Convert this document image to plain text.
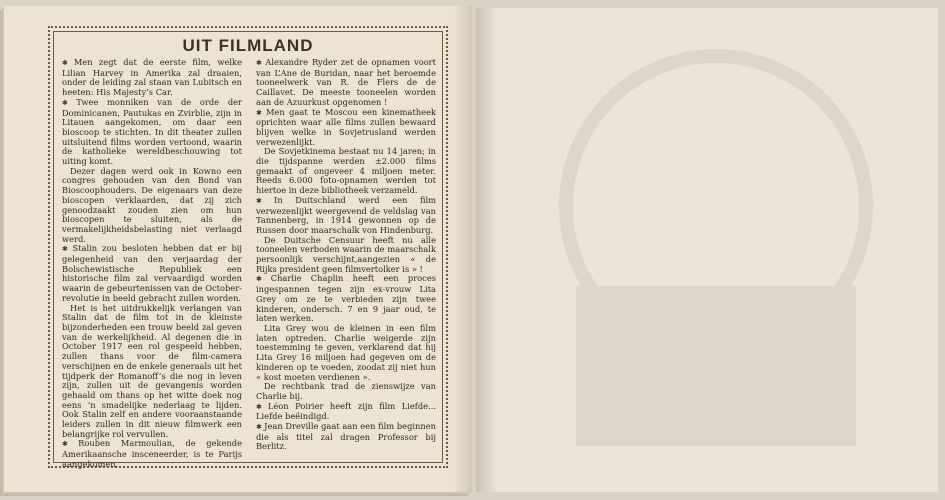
UIT FILMLAND

✱ Men zegt dat de eerste film, welke Lilian Harvey in Amerika zal draaien, onder de leiding zal staan van Lubitsch en heeten: His Majesty’s Car.

✱ Twee monniken van de orde der Dominicanen, Pautukas en Zvirblie, zijn in Litauen aangekomen, om daar een bioscoop te stichten. In dit theater zullen uitsluitend films worden vertoond, waarin de katholieke wereldbeschouwing tot uiting komt.

Dezer dagen werd ook in Kowno een congres gehouden van den Bond van Bioscoophouders. De eigenaars van deze bioscopen verklaarden, dat zij zich genoodzaakt zouden zien om hun bioscopen te sluiten, als de vermakelijkheidsbelasting niet verlaagd werd.

✱ Stalin zou besloten hebben dat er bij gelegenheid van den verjaardag der Bolschewistische Republiek een historische film zal vervaardigd worden waarin de gebeurtenissen van de October-revolutie in beeld gebracht zullen worden.

Het is het uitdrukkelijk verlangen van Stalin dat de film tot in de kleinste bijzonderheden een trouw beeld zal geven van de werkelijkheid. Al degenen die in October 1917 een rol gespeeld hebben, zullen thans voor de film-camera verschijnen en de enkele generaals uit het tijdperk der Romanoff’s die nog in leven zijn, zullen uit de gevangenis worden gehaald om thans op het witte doek nog eens ’n smadelijke nederlaag te lijden. Ook Stalin zelf en andere vooraanstaande leiders zullen in dit nieuw filmwerk een belangrijke rol vervullen.

✱ Rouben Marmoulian, de gekende Amerikaansche insceneerder, is te Parijs aangekomen.

✱ Alexandre Ryder zet de opnamen voort van L’Ane de Buridan, naar het beroemde tooneelwerk van R. de Flers de de Caillavet. De meeste tooneelen worden aan de Azuurkust opgenomen !

✱ Men gaat te Moscou een kinematheek oprichten waar alle films zullen bewaard blijven welke in Sovjetrusland werden verwezenlijkt.

De Sovjetkinema bestaat nu 14 jaren; in die tijdspanne werden ±2.000 films gemaakt of ongeveer 4 miljoen meter. Reeds 6.000 foto-opnamen werden tot hiertoe in deze bibliotheek verzameld.

✱ In Duitschland werd een film verwezenlijkt weergevend de veldslag van Tannenberg, in 1914 gewonnen op de Russen door maarschalk von Hindenburg.

De Duitsche Censuur heeft nu alle tooneelen verboden waarin de maarschalk persoonlijk verschijnt,aangezien « de Rijks president geen filmvertolker is » !

✱ Charlie Chaplin heeft een proces ingespannen tegen zijn ex-vrouw Lita Grey om ze te verbieden zijn twee kinderen, ondersch. 7 en 9 jaar oud, te laten werken.

Lita Grey wou de kleinen in een film laten optreden. Charlie weigerde zijn toestemming te geven, verklarend dat hij Lita Grey 16 miljoen had gegeven om de kinderen op te voeden, zoodat zij niet hun « kost moeten verdienen ».

De rechtbank trad de zienswijze van Charlie bij.

✱ Léon Poirier heeft zijn film Liefde... Liefde beëindigd.

✱ Jean Dreville gaat aan een film beginnen die als titel zal dragen Professor bij Berlitz.
